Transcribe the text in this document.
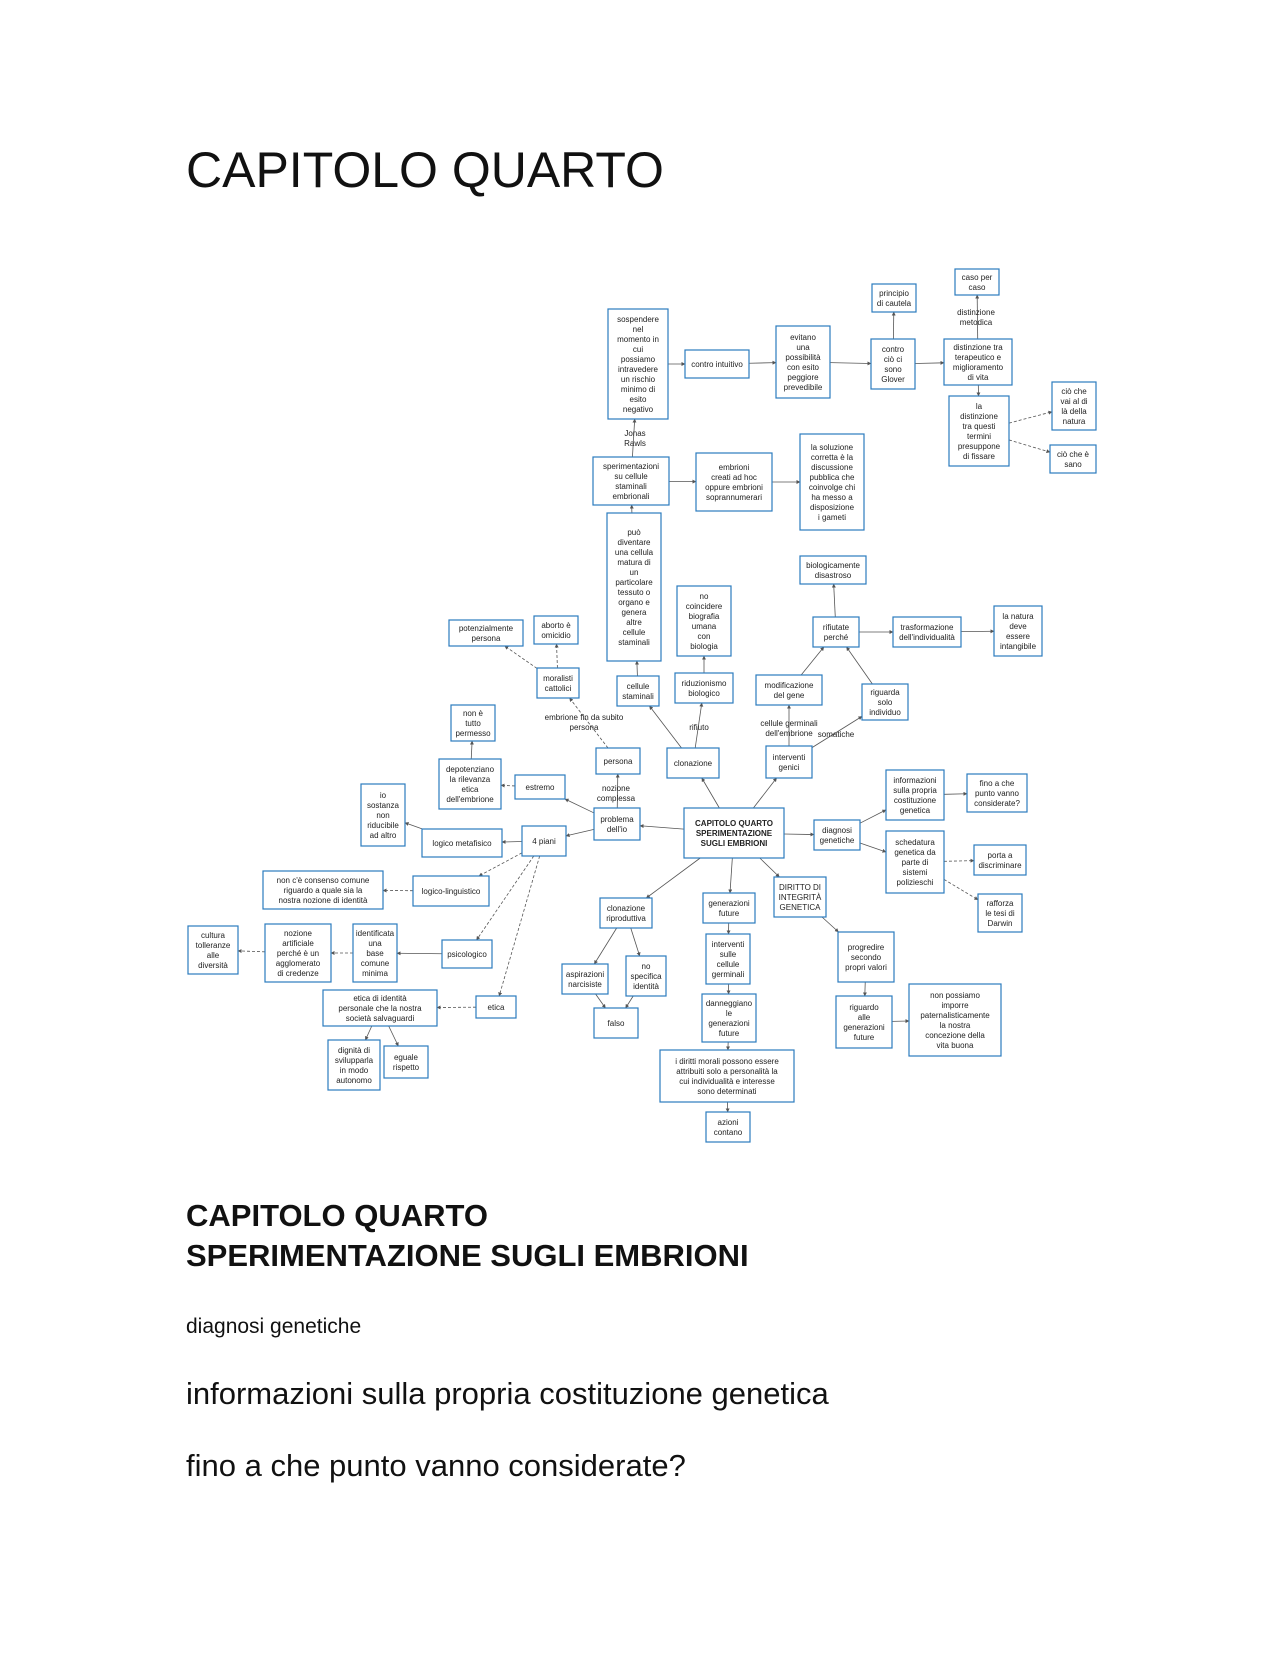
CAPITOLO QUARTO
CAPITOLO QUARTO
SPERIMENTAZIONE
SUGLI EMBRIONI
caso per
caso
principio
di cautela
sospendere
nel
momento in
cui
possiamo
intravedere
un rischio
minimo di
esito
negativo
contro intuitivo
evitano
una
possibilità
con esito
peggiore
prevedibile
contro
ciò ci
sono
Glover
distinzione tra
terapeutico e
miglioramento
di vita
la
distinzione
tra questi
termini
presuppone
di fissare
ciò che
vai al di
là della
natura
ciò che è
sano
sperimentazioni
su cellule
staminali
embrionali
embrioni
creati ad hoc
oppure embrioni
soprannumerari
la soluzione
corretta è la
discussione
pubblica che
coinvolge chi
ha messo a
disposizione
i gameti
può
diventare
una cellula
matura di
un
particolare
tessuto o
organo e
genera
altre
cellule
staminali
no
coincidere
biografia
umana
con
biologia
biologicamente
disastroso
rifiutate
perché
trasformazione
dell'individualità
la natura
deve
essere
intangibile
potenzialmente
persona
aborto è
omicidio
moralisti
cattolici	cellule
staminali
riduzionismo
biologico
modificazione
del gene	riguarda
solo
individuo
non è
tutto
permesso
persona	clonazione
interventi
genici
depotenziano
la rilevanza
etica
dell'embrione
estremo
io
sostanza
non
riducibile
ad altro
problema
dell'io
informazioni
sulla propria
costituzione
genetica
fino a che
punto vanno
considerate?
logico metafisico	4 piani
diagnosi
genetiche	schedatura
genetica da
parte di
sistemi
polizieschi
porta a
discriminare
non c'è consenso comune
riguardo a quale sia la
nostra nozione di identità
logico-linguistico
clonazione
riproduttiva
generazioni
future
DIRITTO DI
INTEGRITÀ
GENETICA	rafforza
le tesi di
Darwin
cultura
tolleranze
alle
diversità
nozione
artificiale
perché è un
agglomerato
di credenze
identificata
una
base
comune
minima
psicologico
interventi
sulle
cellule
germinali
progredire
secondo
propri valori
aspirazioni
narcisiste
no
specifica
identità
etica
etica di identità
personale che la nostra
società salvaguardi
danneggiano
le
generazioni
future
riguardo
alle
generazioni
future
non possiamo
imporre
paternalisticamente
la nostra
concezione della
vita buona
falso
dignità di
svilupparla
in modo
autonomo
eguale
rispetto
i diritti morali possono essere
attribuiti solo a personalità la
cui individualità e interesse
sono determinati
azioni
contano
distinzione
metodica
Jonas
Rawls
embrione fin da subito
persona
nozione
complessa
rifiuto	cellule germinali
dell'embrione somatiche
CAPITOLO QUARTO
SPERIMENTAZIONE SUGLI EMBRIONI

diagnosi genetiche

informazioni sulla propria costituzione genetica

fino a che punto vanno considerate?
